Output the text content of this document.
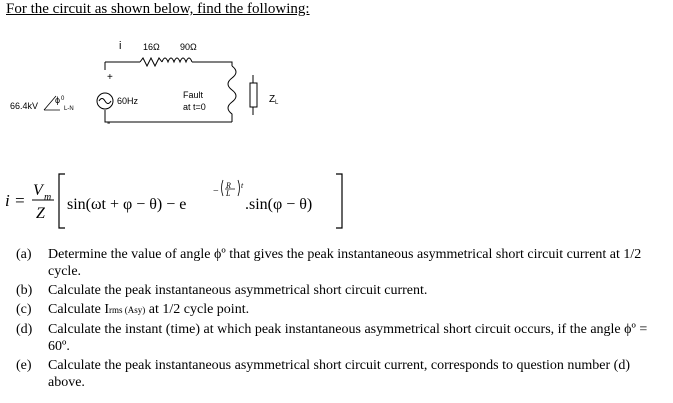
For the circuit as shown below, find the following:
i 16Ω 90Ω
+
-
66.4kV
ϕ 0
L-N
60Hz
Fault
at t=0
Z L
i =
V m
Z
sin(ωt + φ − θ) − e
−
R
L
t
.sin(φ − θ)
(a)	Determine the value of angle ϕº that gives the peak instantaneous asymmetrical short circuit current at 1/2 cycle.
(b)	Calculate the peak instantaneous asymmetrical short circuit current.
(c)	Calculate Irms (Asy) at 1/2 cycle point.
(d)	Calculate the instant (time) at which peak instantaneous asymmetrical short circuit occurs, if the angle ϕº = 60º.
(e)	Calculate the peak instantaneous asymmetrical short circuit current, corresponds to question number (d) above.
